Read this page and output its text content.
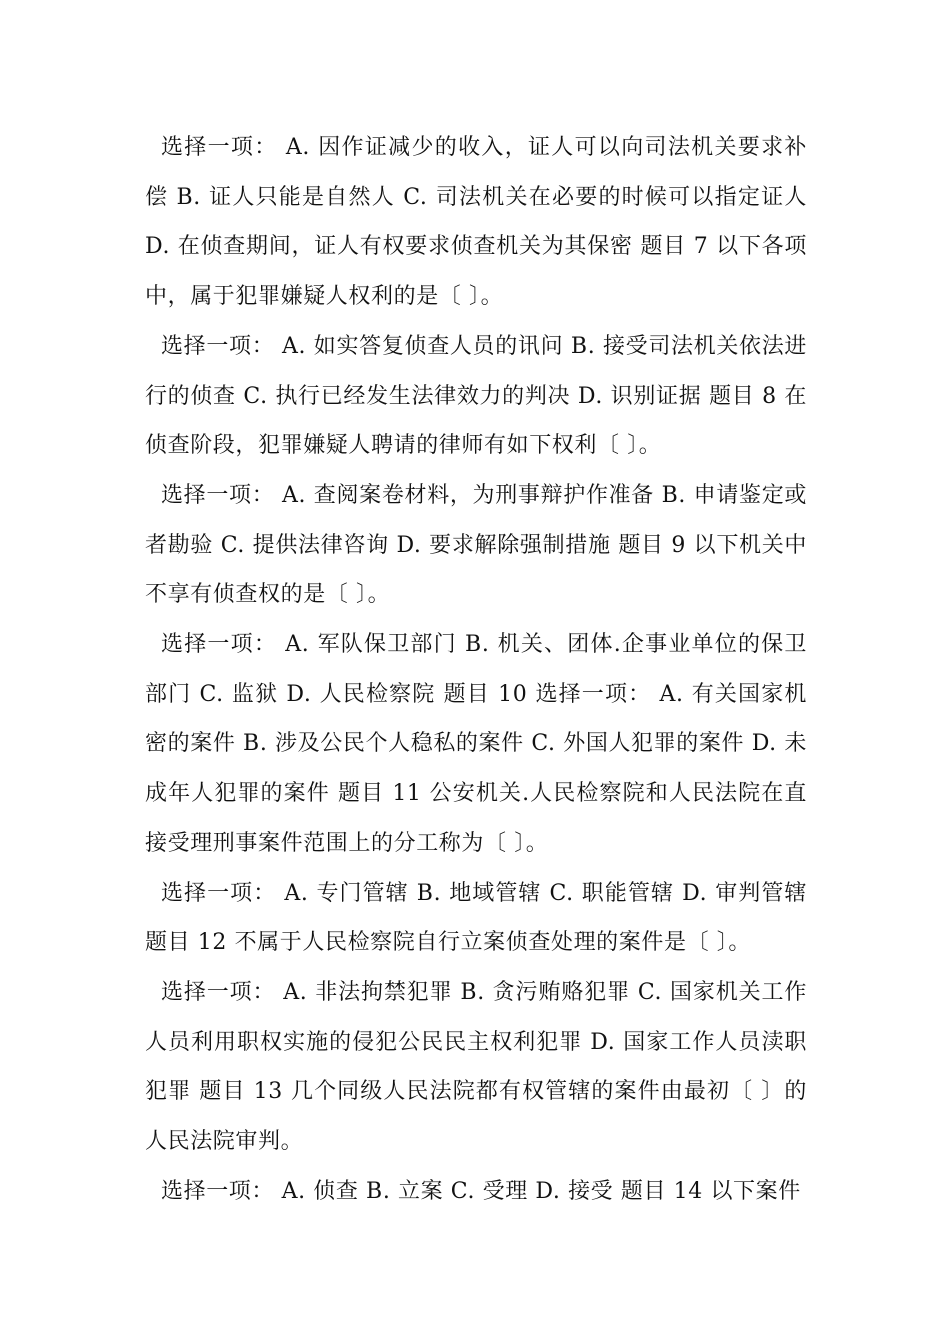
选择一项： A. 因作证减少的收入，证人可以向司法机关要求补偿 B. 证人只能是自然人 C. 司法机关在必要的时候可以指定证人 D. 在侦查期间，证人有权要求侦查机关为其保密 题目 7 以下各项中，属于犯罪嫌疑人权利的是〔 〕。

选择一项： A. 如实答复侦查人员的讯问 B. 接受司法机关依法进行的侦查 C. 执行已经发生法律效力的判决 D. 识别证据 题目 8 在侦查阶段，犯罪嫌疑人聘请的律师有如下权利〔 〕。

选择一项： A. 查阅案卷材料，为刑事辩护作准备 B. 申请鉴定或者勘验 C. 提供法律咨询 D. 要求解除强制措施 题目 9 以下机关中不享有侦查权的是〔 〕。

选择一项： A. 军队保卫部门 B. 机关、团体.企事业单位的保卫部门 C. 监狱 D. 人民检察院 题目 10 选择一项： A. 有关国家机密的案件 B. 涉及公民个人稳私的案件 C. 外国人犯罪的案件 D. 未成年人犯罪的案件 题目 11 公安机关.人民检察院和人民法院在直接受理刑事案件范围上的分工称为〔 〕。

选择一项： A. 专门管辖 B. 地域管辖 C. 职能管辖 D. 审判管辖 题目 12 不属于人民检察院自行立案侦查处理的案件是〔 〕。

选择一项： A. 非法拘禁犯罪 B. 贪污贿赂犯罪 C. 国家机关工作人员利用职权实施的侵犯公民民主权利犯罪 D. 国家工作人员渎职犯罪 题目 13 几个同级人民法院都有权管辖的案件由最初〔 〕的人民法院审判。

选择一项： A. 侦查 B. 立案 C. 受理 D. 接受 题目 14 以下案件
